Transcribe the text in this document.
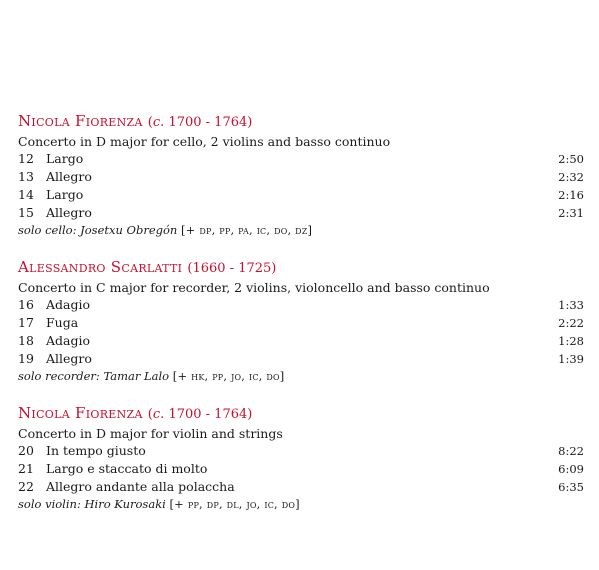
Nicola Fiorenza (c. 1700 - 1764)
Concerto in D major for cello, 2 violins and basso continuo
12 Largo	2:50
13 Allegro	2:32
14 Largo	2:16
15 Allegro	2:31
solo cello: Josetxu Obregón [+ dp, pp, pa, ic, do, dz]
Alessandro Scarlatti (1660 - 1725)
Concerto in C major for recorder, 2 violins, violoncello and basso continuo
16 Adagio	1:33
17 Fuga	2:22
18 Adagio	1:28
19 Allegro	1:39
solo recorder: Tamar Lalo [+ hk, pp, jo, ic, do]
Nicola Fiorenza (c. 1700 - 1764)
Concerto in D major for violin and strings
20 In tempo giusto	8:22
21 Largo e staccato di molto	6:09
22 Allegro andante alla polaccha	6:35
solo violin: Hiro Kurosaki [+ pp, dp, dl, jo, ic, do]
